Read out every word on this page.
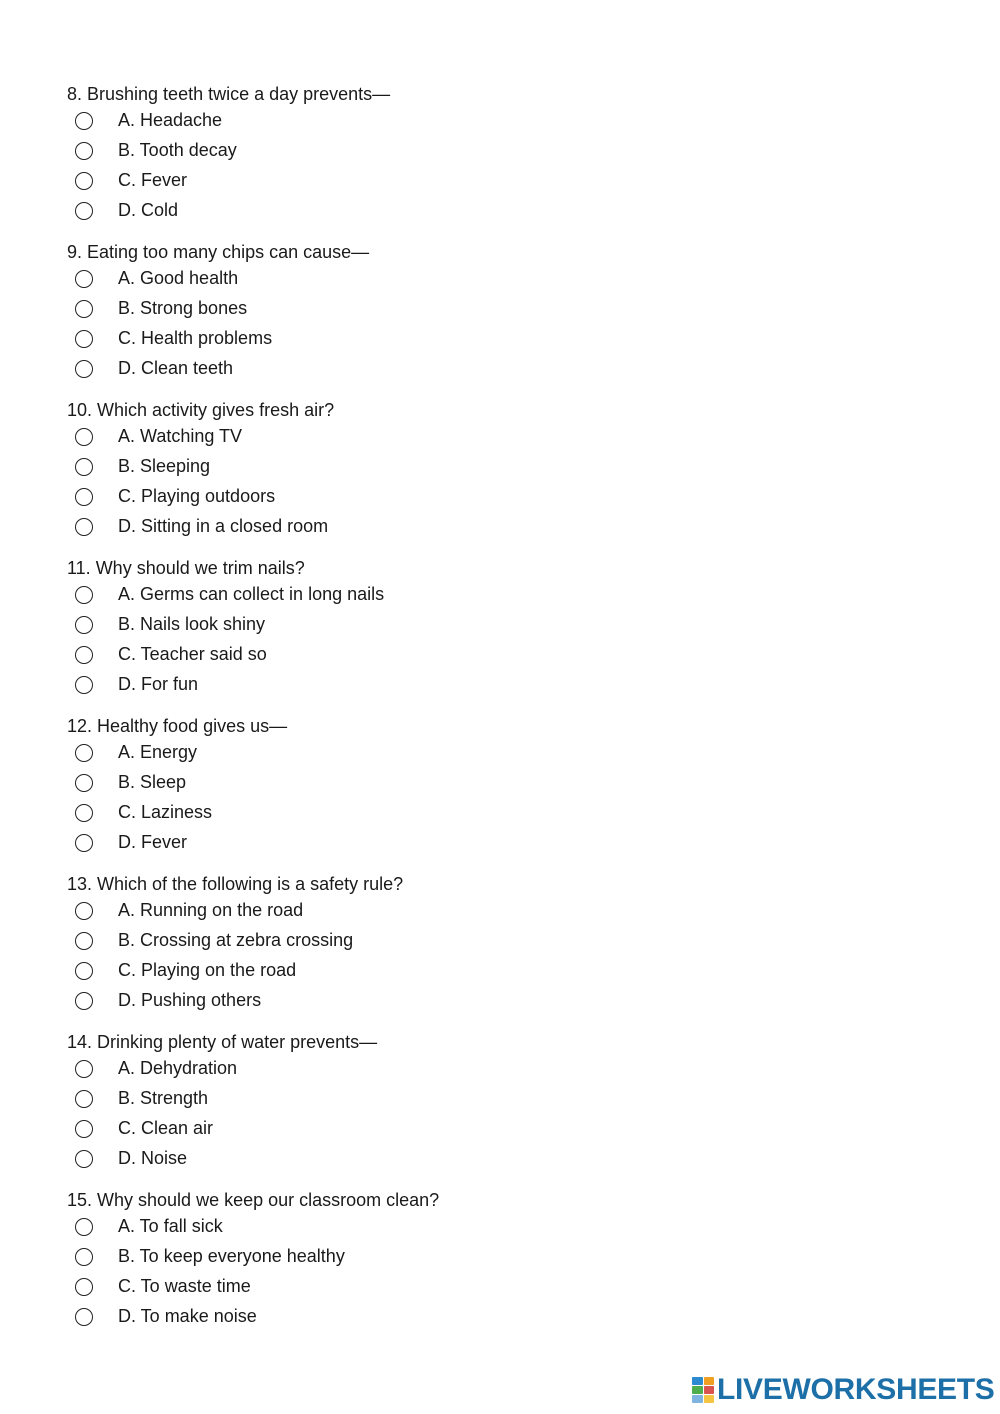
8. Brushing teeth twice a day prevents—
A. Headache
B. Tooth decay
C. Fever
D. Cold
9. Eating too many chips can cause—
A. Good health
B. Strong bones
C. Health problems
D. Clean teeth
10. Which activity gives fresh air?
A. Watching TV
B. Sleeping
C. Playing outdoors
D. Sitting in a closed room
11. Why should we trim nails?
A. Germs can collect in long nails
B. Nails look shiny
C. Teacher said so
D. For fun
12. Healthy food gives us—
A. Energy
B. Sleep
C. Laziness
D. Fever
13. Which of the following is a safety rule?
A. Running on the road
B. Crossing at zebra crossing
C. Playing on the road
D. Pushing others
14. Drinking plenty of water prevents—
A. Dehydration
B. Strength
C. Clean air
D. Noise
15. Why should we keep our classroom clean?
A. To fall sick
B. To keep everyone healthy
C. To waste time
D. To make noise
LIVEWORKSHEETS
